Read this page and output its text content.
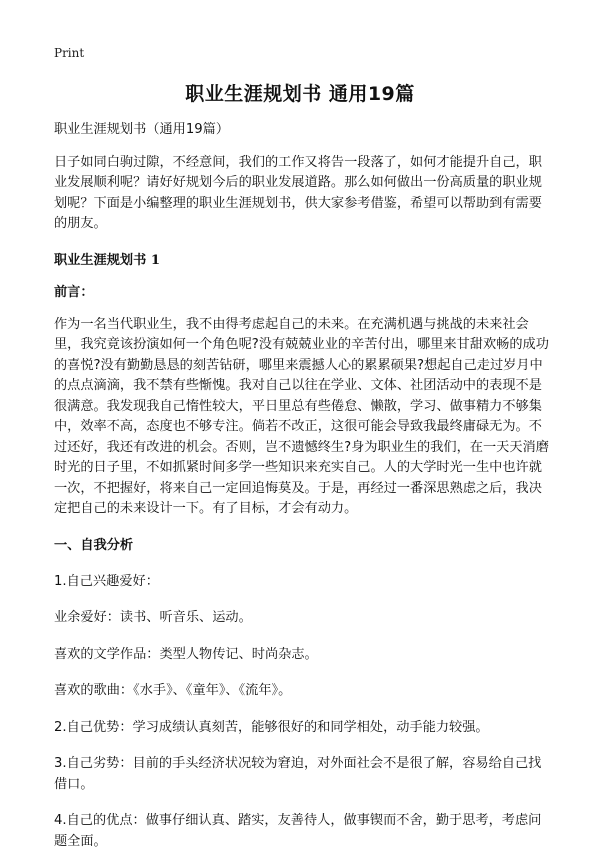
Print
职业生涯规划书 通用19篇

职业生涯规划书（通用19篇）

日子如同白驹过隙，不经意间，我们的工作又将告一段落了，如何才能提升自己，职业发展顺利呢？请好好规划今后的职业发展道路。那么如何做出一份高质量的职业规划呢？下面是小编整理的职业生涯规划书，供大家参考借鉴，希望可以帮助到有需要的朋友。

职业生涯规划书 1

前言：

作为一名当代职业生，我不由得考虑起自己的未来。在充满机遇与挑战的未来社会里，我究竟该扮演如何一个角色呢?没有兢兢业业的辛苦付出，哪里来甘甜欢畅的成功的喜悦?没有勤勤恳恳的刻苦钻研，哪里来震撼人心的累累硕果?想起自己走过岁月中的点点滴滴，我不禁有些惭愧。我对自己以往在学业、文体、社团活动中的表现不是很满意。我发现我自己惰性较大，平日里总有些倦怠、懒散，学习、做事精力不够集中，效率不高，态度也不够专注。倘若不改正，这很可能会导致我最终庸碌无为。不过还好，我还有改进的机会。否则，岂不遗憾终生?身为职业生的我们，在一天天消磨时光的日子里，不如抓紧时间多学一些知识来充实自己。人的大学时光一生中也许就一次，不把握好，将来自己一定回追悔莫及。于是，再经过一番深思熟虑之后，我决定把自己的未来设计一下。有了目标，才会有动力。

一、自我分析

1.自己兴趣爱好：

业余爱好：读书、听音乐、运动。

喜欢的文学作品：类型人物传记、时尚杂志。

喜欢的歌曲：《水手》、《童年》、《流年》。

2.自己优势：学习成绩认真刻苦，能够很好的和同学相处，动手能力较强。

3.自己劣势：目前的手头经济状况较为窘迫，对外面社会不是很了解，容易给自己找借口。

4.自己的优点：做事仔细认真、踏实，友善待人，做事锲而不舍，勤于思考，考虑问题全面。
